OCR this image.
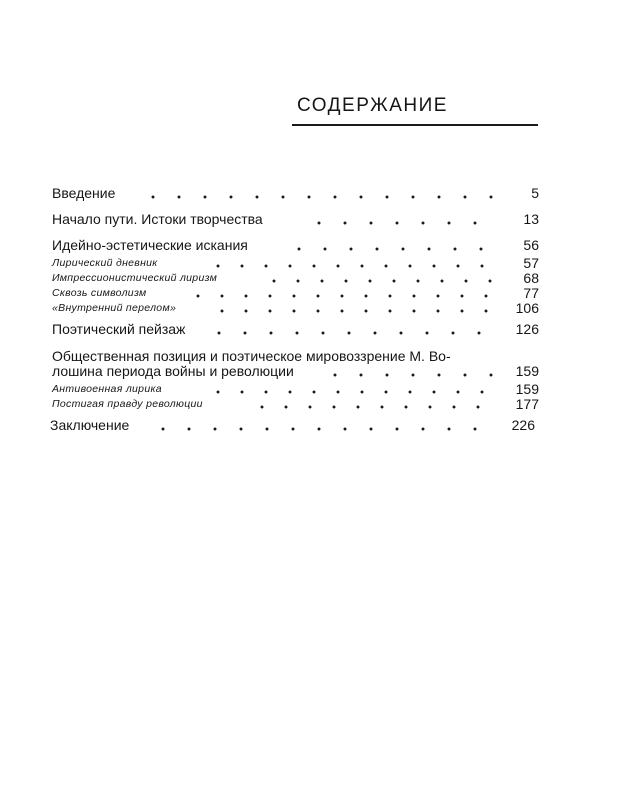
СОДЕРЖАНИЕ
Введение	5
Начало пути. Истоки творчества	13
Идейно-эстетические искания	56
Лирический дневник	57
Импрессионистический лиризм	68
Сквозь символизм	77
«Внутренний перелом»	106
Поэтический пейзаж	126
Общественная позиция и поэтическое мировоззрение М. Во-
лошина периода войны и революции	159
Антивоенная лирика	159
Постигая правду революции	177
Заключение	226
